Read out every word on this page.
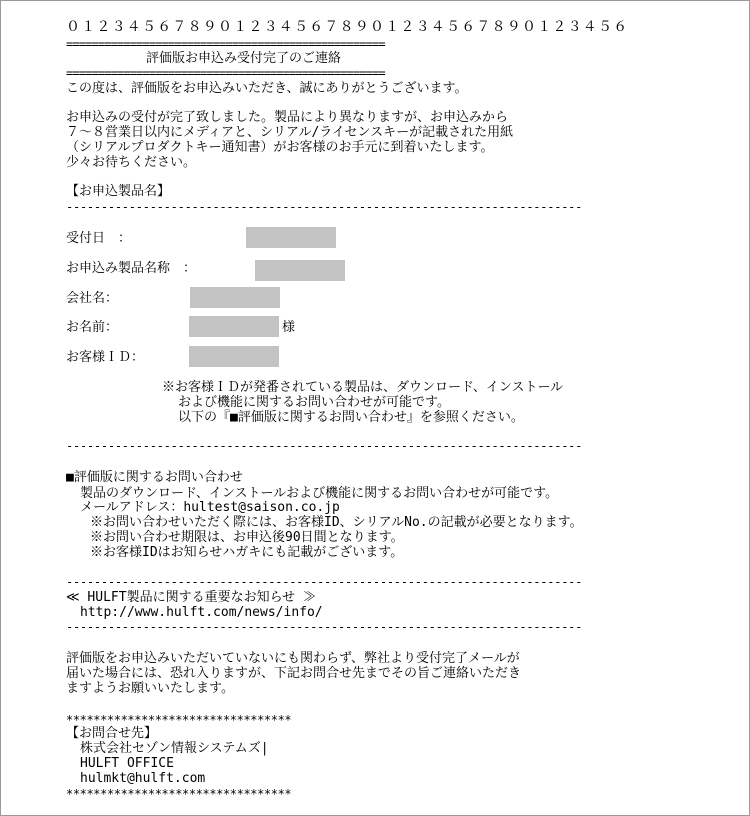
０１２３４５６７８９０１２３４５６７８９０１２３４５６７８９０１２３４５６
==================================================
評価版お申込み受付完了のご連絡
==================================================
この度は、評価版をお申込みいただき、誠にありがとうございます。
お申込みの受付が完了致しました。製品により異なりますが、お申込みから
７～８営業日以内にメディアと、シリアル/ライセンスキーが記載された用紙
（シリアルプロダクトキー通知書）がお客様のお手元に到着いたします。
少々お待ちください。
【お申込製品名】
--------------------------------------------------------------------------
受付日　：
お申込み製品名称　：
会社名：
お名前：	様
お客様ＩＤ：
※お客様ＩＤが発番されている製品は、ダウンロード、インストール
および機能に関するお問い合わせが可能です。
以下の『■評価版に関するお問い合わせ』を参照ください。
--------------------------------------------------------------------------
■評価版に関するお問い合わせ
製品のダウンロード、インストールおよび機能に関するお問い合わせが可能です。
メールアドレス：hultest@saison.co.jp
※お問い合わせいただく際には、お客様ID、シリアルNo.の記載が必要となります。
※お問い合わせ期限は、お申込後90日間となります。
※お客様IDはお知らせハガキにも記載がございます。
--------------------------------------------------------------------------
≪ HULFT製品に関する重要なお知らせ ≫
http://www.hulft.com/news/info/
--------------------------------------------------------------------------
評価版をお申込みいただいていないにも関わらず、弊社より受付完了メールが
届いた場合には、恐れ入りますが、下記お問合せ先までその旨ご連絡いただき
ますようお願いいたします。
*********************************
【お問合せ先】
株式会社セゾン情報システムズ|
HULFT OFFICE
hulmkt@hulft.com
*********************************
